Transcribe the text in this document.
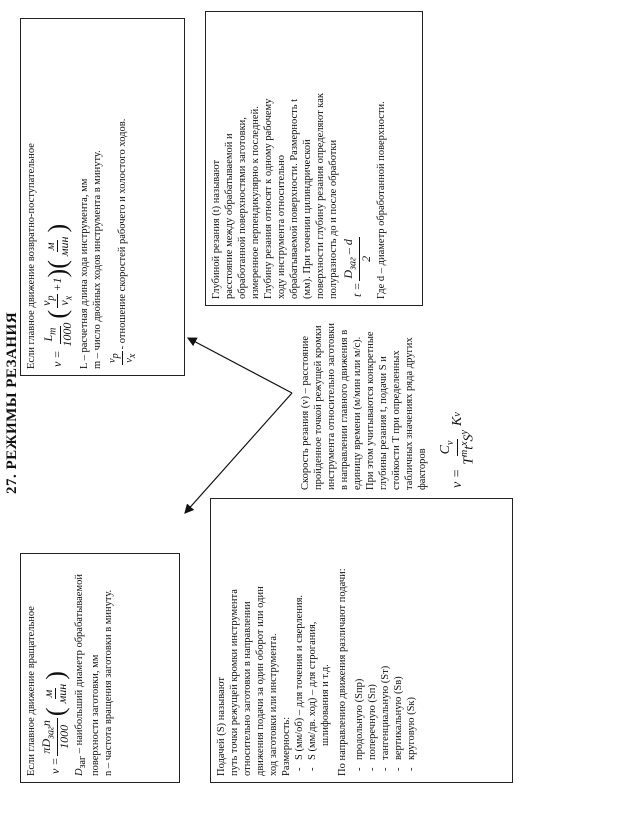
27. РЕЖИМЫ РЕЗАНИЯ

Если главное движение вращательное v =
$\pi D_{заг}n$
1000
(
м мин
)

$D_{заг}$ – наибольший диаметр обрабатываемой поверхности заготовки, мм n – частота вращения заготовки в минуту.

Если главное движение возвратно-поступательное v =
$L_m$ 1000
(
$v_p$
$v_x$
+1
)
(
м мин
) L – расчетная длина хода инструмента, мм m – число двойных ходов инструмента в минуту. $v_p$
$v_x$
- отношение скоростей рабочего и холостого ходов.

Подачей (S) называют путь точки режущей кромки инструмента относительно заготовки в направлении движения подачи за один оборот или один ход заготовки или инструмента. Размерность: - S (мм/об) – для точения и сверления. - S (мм/дв. ход) – для строгания, шлифования и т.д. По направлению движения различают подачи: - продольную (Sпр) - поперечную (Sп) - тангенциальную (Sт) - вертикальную (Sв) - круговую (Sк)

Скорость резания (v) – расстояние пройденное точкой режущей кромки инструмента относительно заготовки в направлении главного движения в единицу времени (м/мин или м/с). При этом учитываются конкретные глубины резания t, подачи S и стойкости T при определенных табличных значениях ряда других факторов v =
$C_v$
$T^mt^xS^y$
K
v

Глубиной резания (t) называют расстояние между обрабатываемой и обработанной поверхностями заготовки, измеренное перпендикулярно к последней. Глубину резания относят к одному рабочему ходу инструмента относительно обрабатываемой поверхности. Размерность t (мм). При точении цилиндрической поверхности глубину резания определяют как полуразность до и после обработки t =
$D_{заг}$ – d
2 Где d – диаметр обработанной поверхности.
